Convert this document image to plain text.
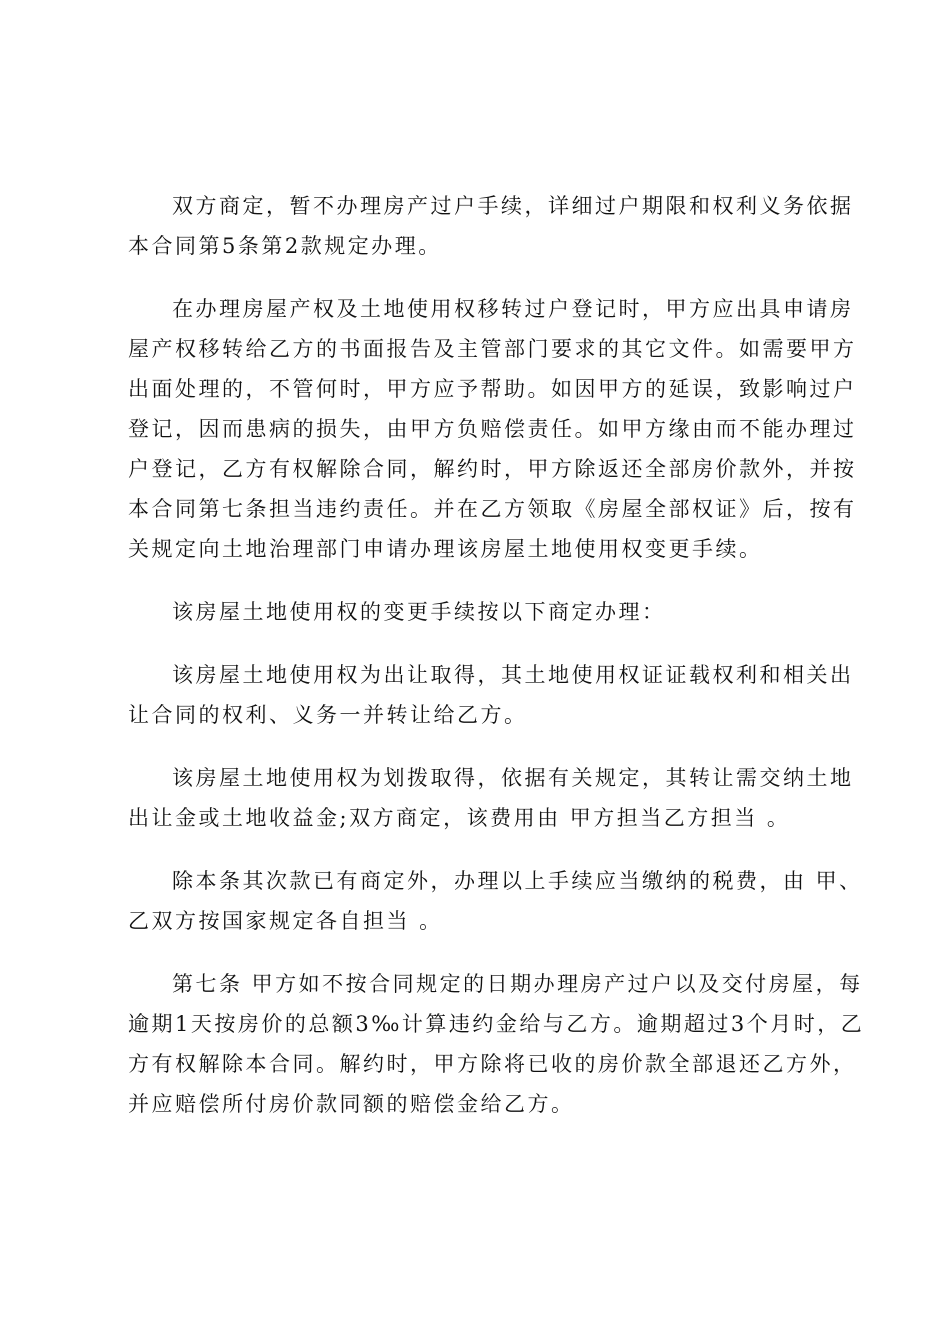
双方商定，暂不办理房产过户手续，详细过户期限和权利义务依据
本合同第5条第2款规定办理。
在办理房屋产权及土地使用权移转过户登记时，甲方应出具申请房
屋产权移转给乙方的书面报告及主管部门要求的其它文件。如需要甲方
出面处理的，不管何时，甲方应予帮助。如因甲方的延误，致影响过户
登记，因而患病的损失，由甲方负赔偿责任。如甲方缘由而不能办理过
户登记，乙方有权解除合同，解约时，甲方除返还全部房价款外，并按
本合同第七条担当违约责任。并在乙方领取《房屋全部权证》后，按有
关规定向土地治理部门申请办理该房屋土地使用权变更手续。
该房屋土地使用权的变更手续按以下商定办理：
该房屋土地使用权为出让取得，其土地使用权证证载权利和相关出
让合同的权利、义务一并转让给乙方。
该房屋土地使用权为划拨取得，依据有关规定，其转让需交纳土地
出让金或土地收益金;双方商定，该费用由 甲方担当乙方担当 。
除本条其次款已有商定外，办理以上手续应当缴纳的税费，由 甲、
乙双方按国家规定各自担当 。
第七条 甲方如不按合同规定的日期办理房产过户以及交付房屋，每
逾期1天按房价的总额3‰计算违约金给与乙方。逾期超过3个月时，乙
方有权解除本合同。解约时，甲方除将已收的房价款全部退还乙方外，
并应赔偿所付房价款同额的赔偿金给乙方。
